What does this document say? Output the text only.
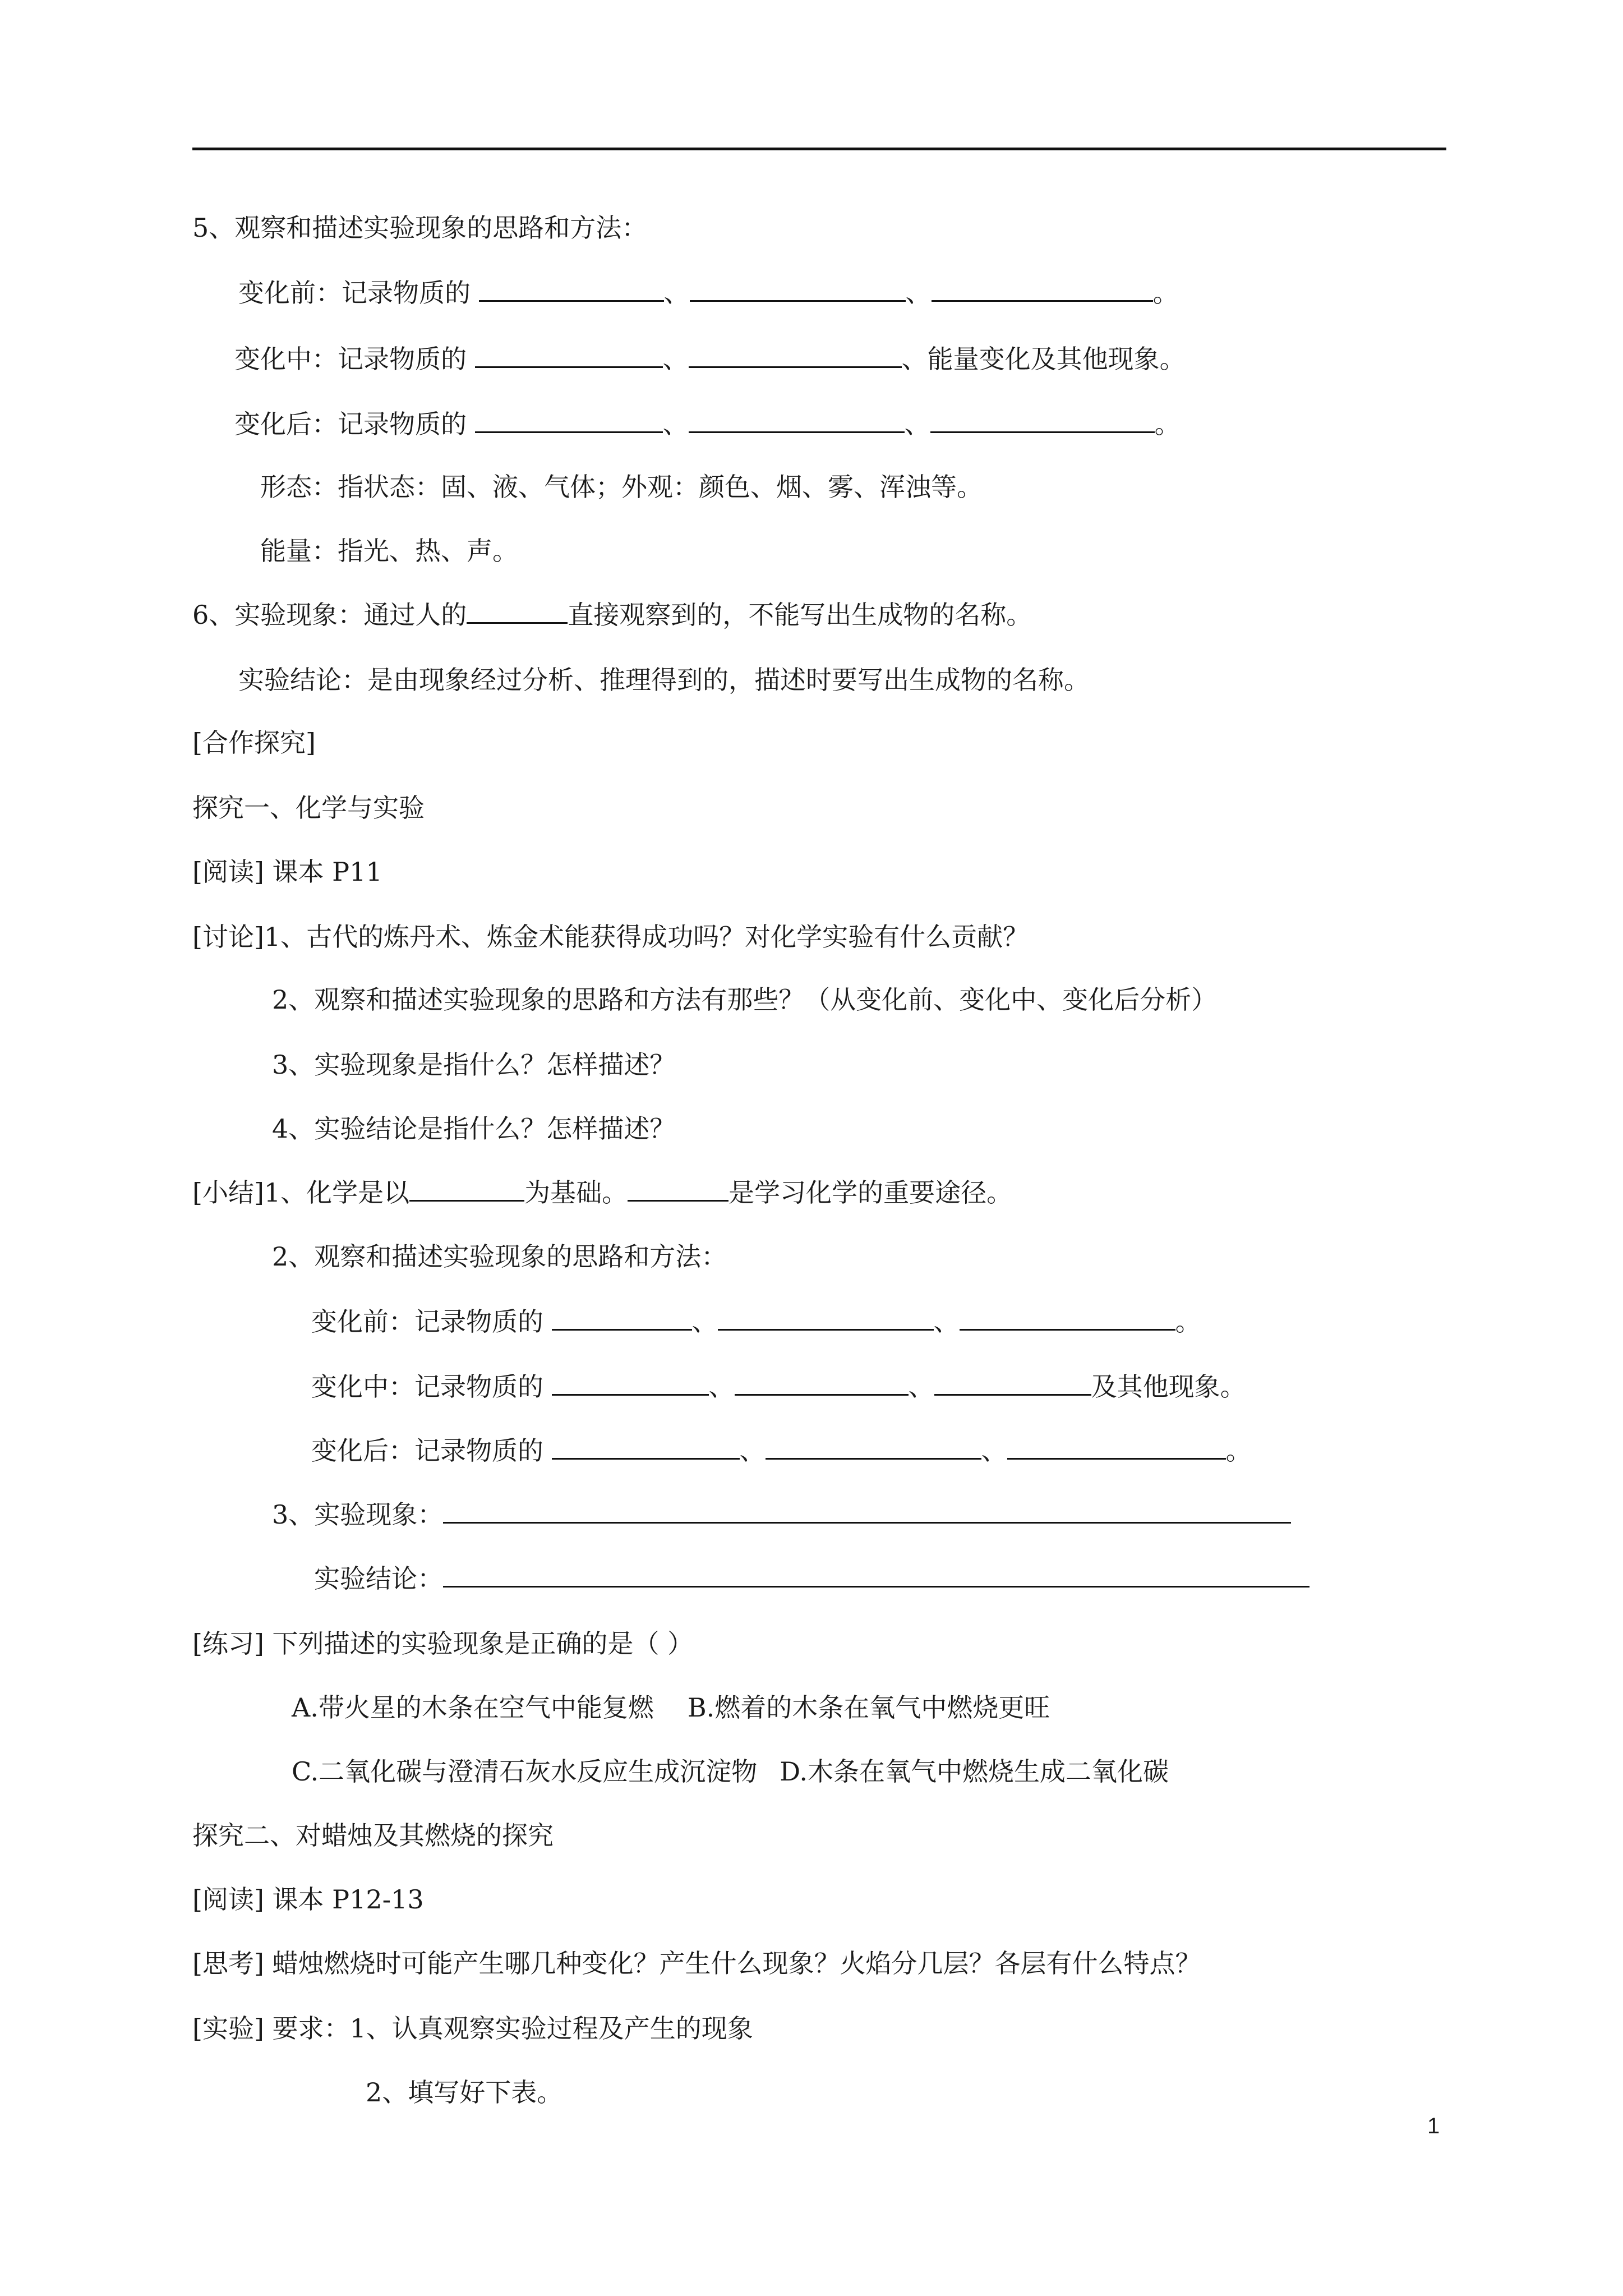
5、观察和描述实验现象的思路和方法：
变化前：记录物质的	、	、	。
变化中：记录物质的	、	、能量变化及其他现象。
变化后：记录物质的	、	、	。
形态：指状态：固、液、气体；外观：颜色、烟、雾、浑浊等。
能量：指光、热、声。
6、实验现象：通过人的	直接观察到的，不能写出生成物的名称。
实验结论：是由现象经过分析、推理得到的，描述时要写出生成物的名称。
[合作探究]
探究一、化学与实验
[阅读] 课本 P11
[讨论]1、古代的炼丹术、炼金术能获得成功吗？对化学实验有什么贡献？
2、观察和描述实验现象的思路和方法有那些？（从变化前、变化中、变化后分析）
3、实验现象是指什么？怎样描述？
4、实验结论是指什么？怎样描述？
[小结]1、化学是以	为基础。	是学习化学的重要途径。
2、观察和描述实验现象的思路和方法：
变化前：记录物质的	、	、	。
变化中：记录物质的	、	、	及其他现象。
变化后：记录物质的	、	、	。
3、实验现象：
实验结论：
[练习] 下列描述的实验现象是正确的是（ ）
A.带火星的木条在空气中能复燃 B.燃着的木条在氧气中燃烧更旺
C.二氧化碳与澄清石灰水反应生成沉淀物 D.木条在氧气中燃烧生成二氧化碳
探究二、对蜡烛及其燃烧的探究
[阅读] 课本 P12-13
[思考] 蜡烛燃烧时可能产生哪几种变化？产生什么现象？火焰分几层？各层有什么特点？
[实验] 要求：1、认真观察实验过程及产生的现象
2、填写好下表。
1
